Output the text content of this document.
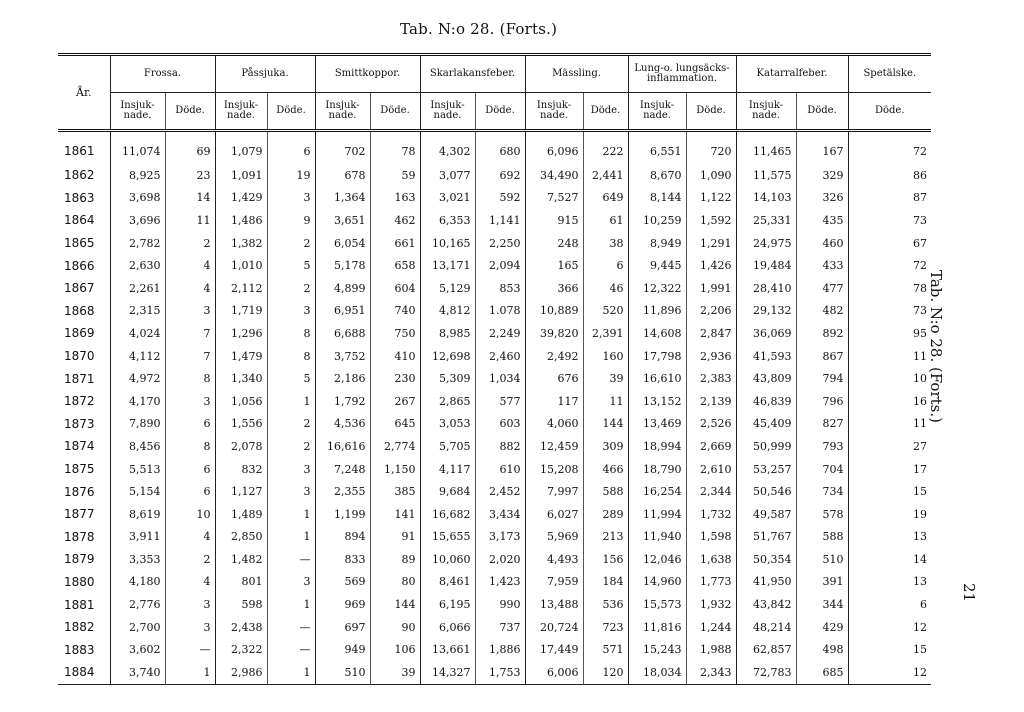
Tab. N:o 28. (Forts.)
År.	Frossa.		Påssjuka.		Smittkoppor.		Skarlakansfeber.		Mässling.		Lung-o. lungsäcks-inflammation.		Katarralfeber.		Spetälske.
	Insjuk-nade.	Döde.	Insjuk-nade.	Döde.	Insjuk-nade.	Döde.	Insjuk-nade.	Döde.	Insjuk-nade.	Döde.	Insjuk-nade.	Döde.	Insjuk-nade.	Döde.	Döde.
1861	11,074	69	1,079	6	702	78	4,302	680	6,096	222	6,551	720	11,465	167	72
1862	8,925	23	1,091	19	678	59	3,077	692	34,490	2,441	8,670	1,090	11,575	329	86
1863	3,698	14	1,429	3	1,364	163	3,021	592	7,527	649	8,144	1,122	14,103	326	87
1864	3,696	11	1,486	9	3,651	462	6,353	1,141	915	61	10,259	1,592	25,331	435	73
1865	2,782	2	1,382	2	6,054	661	10,165	2,250	248	38	8,949	1,291	24,975	460	67
1866	2,630	4	1,010	5	5,178	658	13,171	2,094	165	6	9,445	1,426	19,484	433	72
1867	2,261	4	2,112	2	4,899	604	5,129	853	366	46	12,322	1,991	28,410	477	78
1868	2,315	3	1,719	3	6,951	740	4,812	1.078	10,889	520	11,896	2,206	29,132	482	73
1869	4,024	7	1,296	8	6,688	750	8,985	2,249	39,820	2,391	14,608	2,847	36,069	892	95
1870	4,112	7	1,479	8	3,752	410	12,698	2,460	2,492	160	17,798	2,936	41,593	867	11
1871	4,972	8	1,340	5	2,186	230	5,309	1,034	676	39	16,610	2,383	43,809	794	10
1872	4,170	3	1,056	1	1,792	267	2,865	577	117	11	13,152	2,139	46,839	796	16
1873	7,890	6	1,556	2	4,536	645	3,053	603	4,060	144	13,469	2,526	45,409	827	11
1874	8,456	8	2,078	2	16,616	2,774	5,705	882	12,459	309	18,994	2,669	50,999	793	27
1875	5,513	6	832	3	7,248	1,150	4,117	610	15,208	466	18,790	2,610	53,257	704	17
1876	5,154	6	1,127	3	2,355	385	9,684	2,452	7,997	588	16,254	2,344	50,546	734	15
1877	8,619	10	1,489	1	1,199	141	16,682	3,434	6,027	289	11,994	1,732	49,587	578	19
1878	3,911	4	2,850	1	894	91	15,655	3,173	5,969	213	11,940	1,598	51,767	588	13
1879	3,353	2	1,482	—	833	89	10,060	2,020	4,493	156	12,046	1,638	50,354	510	14
1880	4,180	4	801	3	569	80	8,461	1,423	7,959	184	14,960	1,773	41,950	391	13
1881	2,776	3	598	1	969	144	6,195	990	13,488	536	15,573	1,932	43,842	344	6
1882	2,700	3	2,438	—	697	90	6,066	737	20,724	723	11,816	1,244	48,214	429	12
1883	3,602	—	2,322	—	949	106	13,661	1,886	17,449	571	15,243	1,988	62,857	498	15
1884	3,740	1	2,986	1	510	39	14,327	1,753	6,006	120	18,034	2,343	72,783	685	12
Tab. N:o 28. (Forts.)
21
